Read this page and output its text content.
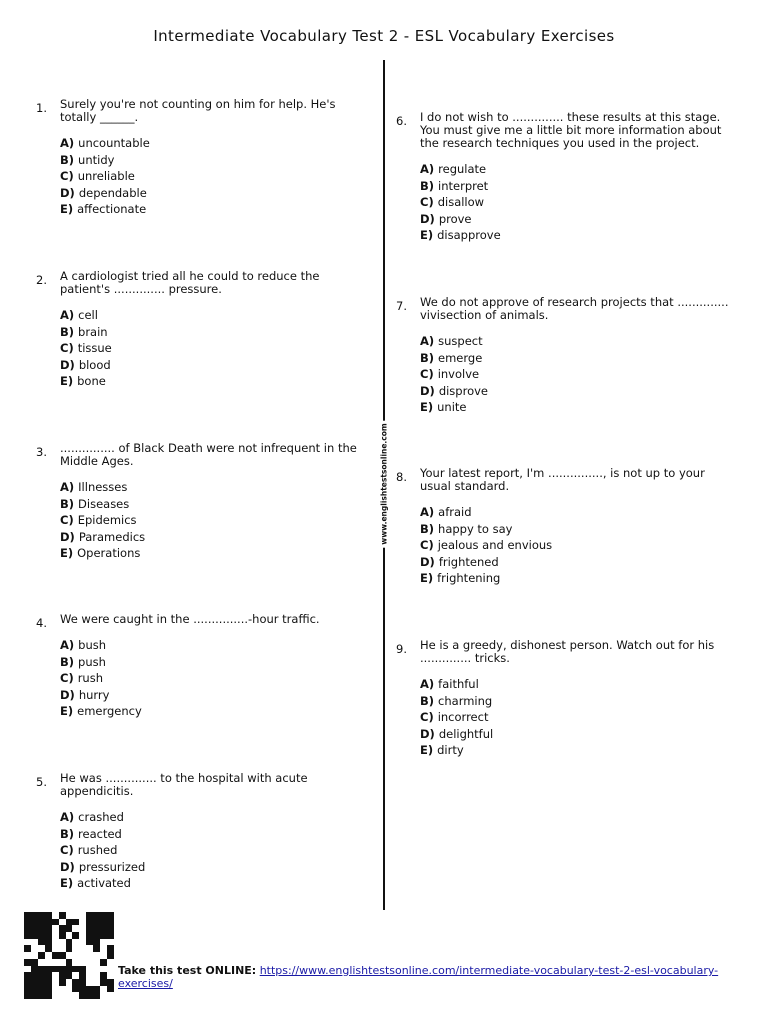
Intermediate Vocabulary Test 2 - ESL Vocabulary Exercises
www.englishtestsonline.com
1. Surely you're not counting on him for help. He's totally ______.
A) uncountable
B) untidy
C) unreliable
D) dependable
E) affectionate
2. A cardiologist tried all he could to reduce the patient's .............. pressure.
A) cell
B) brain
C) tissue
D) blood
E) bone
3. ............... of Black Death were not infrequent in the Middle Ages.
A) Illnesses
B) Diseases
C) Epidemics
D) Paramedics
E) Operations
4. We were caught in the ...............-hour traffic.
A) bush
B) push
C) rush
D) hurry
E) emergency
5. He was .............. to the hospital with acute appendicitis.
A) crashed
B) reacted
C) rushed
D) pressurized
E) activated
6. I do not wish to .............. these results at this stage. You must give me a little bit more information about the research techniques you used in the project.
A) regulate
B) interpret
C) disallow
D) prove
E) disapprove
7. We do not approve of research projects that .............. vivisection of animals.
A) suspect
B) emerge
C) involve
D) disprove
E) unite
8. Your latest report, I'm ..............., is not up to your usual standard.
A) afraid
B) happy to say
C) jealous and envious
D) frightened
E) frightening
9. He is a greedy, dishonest person. Watch out for his .............. tricks.
A) faithful
B) charming
C) incorrect
D) delightful
E) dirty
Take this test ONLINE: https://www.englishtestsonline.com/intermediate-vocabulary-test-2-esl-vocabulary-exercises/
